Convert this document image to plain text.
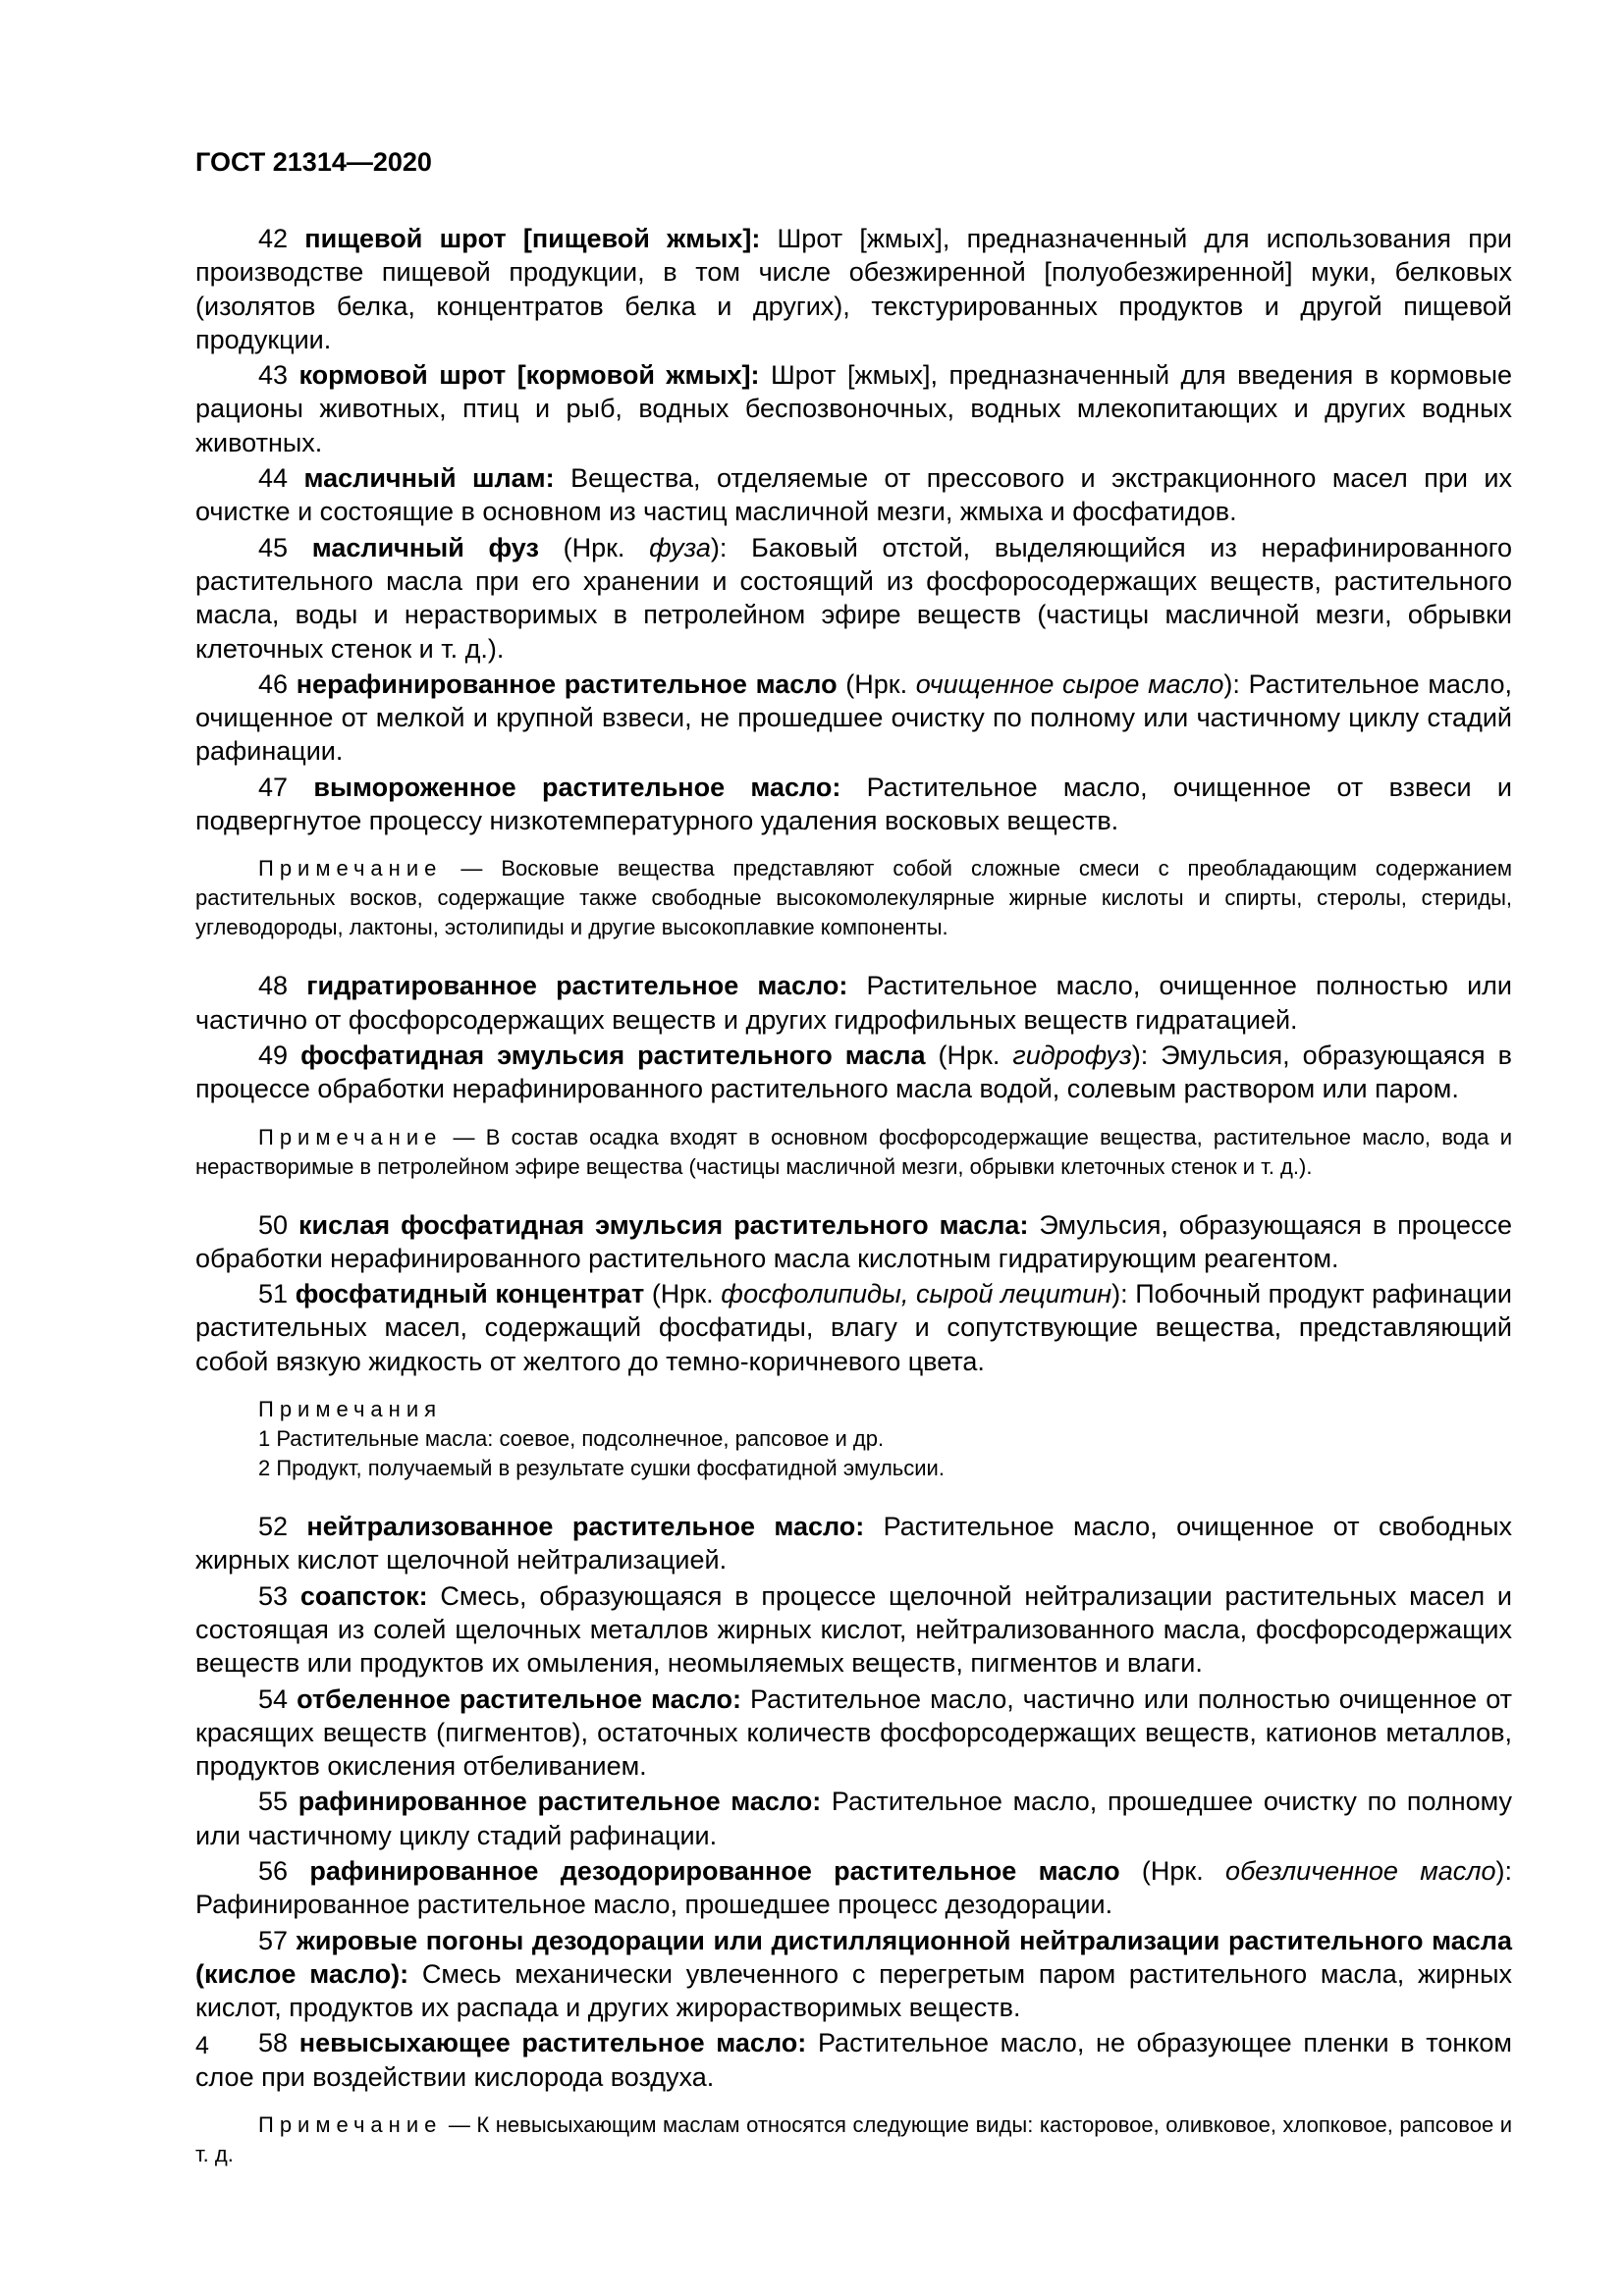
ГОСТ 21314—2020

42 пищевой шрот [пищевой жмых]: Шрот [жмых], предназначенный для использования при производстве пищевой продукции, в том числе обезжиренной [полуобезжиренной] муки, белковых (изолятов белка, концентратов белка и других), текстурированных продуктов и другой пищевой продукции.

43 кормовой шрот [кормовой жмых]: Шрот [жмых], предназначенный для введения в кормовые рационы животных, птиц и рыб, водных беспозвоночных, водных млекопитающих и других водных животных.

44 масличный шлам: Вещества, отделяемые от прессового и экстракционного масел при их очистке и состоящие в основном из частиц масличной мезги, жмыха и фосфатидов.

45 масличный фуз (Нрк. фуза): Баковый отстой, выделяющийся из нерафинированного растительного масла при его хранении и состоящий из фосфоросодержащих веществ, растительного масла, воды и нерастворимых в петролейном эфире веществ (частицы масличной мезги, обрывки клеточных стенок и т. д.).

46 нерафинированное растительное масло (Нрк. очищенное сырое масло): Растительное масло, очищенное от мелкой и крупной взвеси, не прошедшее очистку по полному или частичному циклу стадий рафинации.

47 вымороженное растительное масло: Растительное масло, очищенное от взвеси и подвергнутое процессу низкотемпературного удаления восковых веществ.

Примечание — Восковые вещества представляют собой сложные смеси с преобладающим содержанием растительных восков, содержащие также свободные высокомолекулярные жирные кислоты и спирты, стеролы, стериды, углеводороды, лактоны, эстолипиды и другие высокоплавкие компоненты.

48 гидратированное растительное масло: Растительное масло, очищенное полностью или частично от фосфорсодержащих веществ и других гидрофильных веществ гидратацией.

49 фосфатидная эмульсия растительного масла (Нрк. гидрофуз): Эмульсия, образующаяся в процессе обработки нерафинированного растительного масла водой, солевым раствором или паром.

Примечание — В состав осадка входят в основном фосфорсодержащие вещества, растительное масло, вода и нерастворимые в петролейном эфире вещества (частицы масличной мезги, обрывки клеточных стенок и т. д.).

50 кислая фосфатидная эмульсия растительного масла: Эмульсия, образующаяся в процессе обработки нерафинированного растительного масла кислотным гидратирующим реагентом.

51 фосфатидный концентрат (Нрк. фосфолипиды, сырой лецитин): Побочный продукт рафинации растительных масел, содержащий фосфатиды, влагу и сопутствующие вещества, представляющий собой вязкую жидкость от желтого до темно-коричневого цвета.

Примечания

1 Растительные масла: соевое, подсолнечное, рапсовое и др.

2 Продукт, получаемый в результате сушки фосфатидной эмульсии.

52 нейтрализованное растительное масло: Растительное масло, очищенное от свободных жирных кислот щелочной нейтрализацией.

53 соапсток: Смесь, образующаяся в процессе щелочной нейтрализации растительных масел и состоящая из солей щелочных металлов жирных кислот, нейтрализованного масла, фосфорсодержащих веществ или продуктов их омыления, неомыляемых веществ, пигментов и влаги.

54 отбеленное растительное масло: Растительное масло, частично или полностью очищенное от красящих веществ (пигментов), остаточных количеств фосфорсодержащих веществ, катионов металлов, продуктов окисления отбеливанием.

55 рафинированное растительное масло: Растительное масло, прошедшее очистку по полному или частичному циклу стадий рафинации.

56 рафинированное дезодорированное растительное масло (Нрк. обезличенное масло): Рафинированное растительное масло, прошедшее процесс дезодорации.

57 жировые погоны дезодорации или дистилляционной нейтрализации растительного масла (кислое масло): Смесь механически увлеченного с перегретым паром растительного масла, жирных кислот, продуктов их распада и других жирорастворимых веществ.

58 невысыхающее растительное масло: Растительное масло, не образующее пленки в тонком слое при воздействии кислорода воздуха.

Примечание — К невысыхающим маслам относятся следующие виды: касторовое, оливковое, хлопковое, рапсовое и т. д.

4
